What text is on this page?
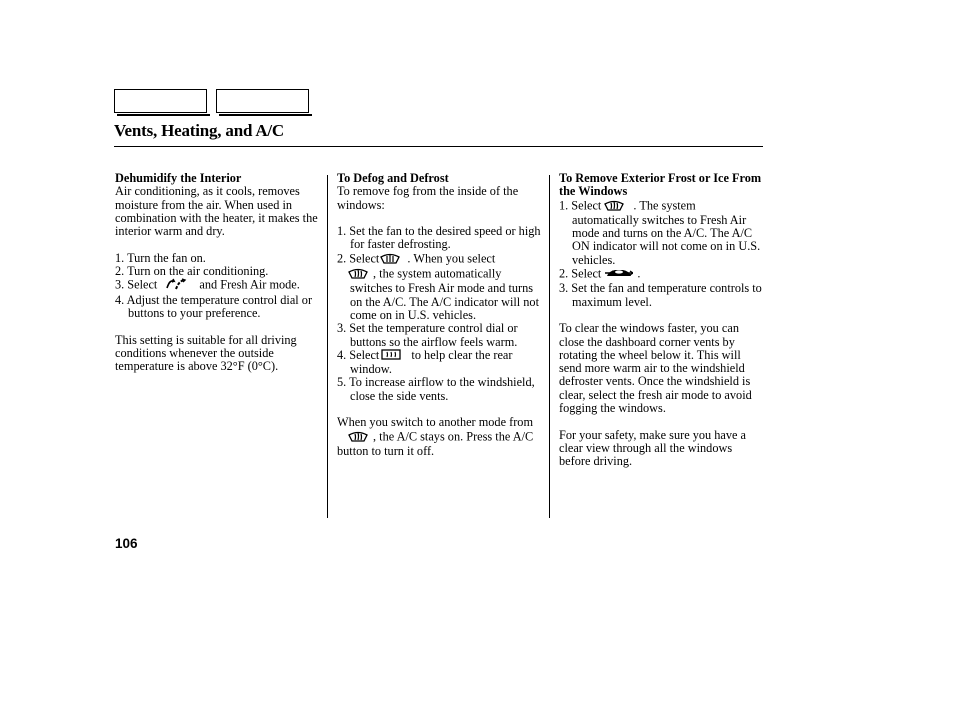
Vents, Heating, and A/C
Dehumidify the Interior

Air conditioning, as it cools, removes moisture from the air. When used in combination with the heater, it makes the interior warm and dry.

1. Turn the fan on.

2. Turn on the air conditioning.

3. Select	and Fresh Air mode.

4. Adjust the temperature control dial or buttons to your preference.

This setting is suitable for all driving conditions whenever the outside temperature is above 32°F (0°C).

To Defog and Defrost

To remove fog from the inside of the windows:

1. Set the fan to the desired speed or high for faster defrosting.

2. Select . When you select
, the system automatically switches to Fresh Air mode and turns on the A/C. The A/C indicator will not come on in U.S. vehicles.

3. Set the temperature control dial or buttons so the airflow feels warm.

4. Select	to help clear the rear window.

5. To increase airflow to the windshield, close the side vents.

When you switch to another mode from , the A/C stays on. Press the A/C button to turn it off.

To Remove Exterior Frost or Ice From the Windows

1. Select	. The system automatically switches to Fresh Air mode and turns on the A/C. The A/C ON indicator will not come on in U.S. vehicles.

2. Select	.

3. Set the fan and temperature controls to maximum level.

To clear the windows faster, you can close the dashboard corner vents by rotating the wheel below it. This will send more warm air to the windshield defroster vents. Once the windshield is clear, select the fresh air mode to avoid fogging the windows.

For your safety, make sure you have a clear view through all the windows before driving.

106
